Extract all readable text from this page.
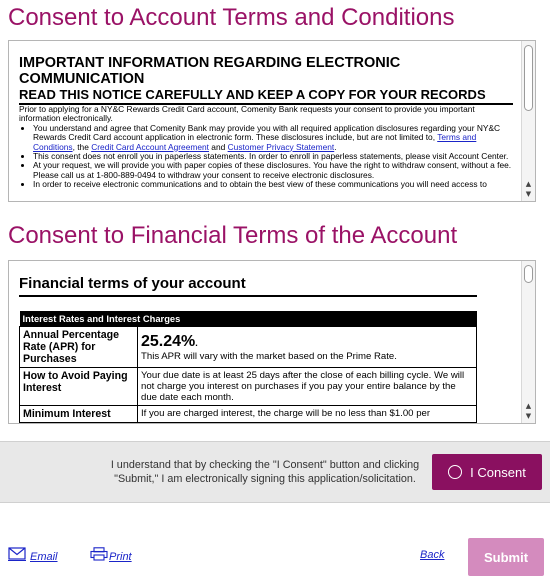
Consent to Account Terms and Conditions
IMPORTANT INFORMATION REGARDING ELECTRONIC COMMUNICATION
READ THIS NOTICE CAREFULLY AND KEEP A COPY FOR YOUR RECORDS
Prior to applying for a NY&C Rewards Credit Card account, Comenity Bank requests your consent to provide you important information electronically.
• You understand and agree that Comenity Bank may provide you with all required application disclosures regarding your NY&C Rewards Credit Card account application in electronic form. These disclosures include, but are not limited to, Terms and Conditions, the Credit Card Account Agreement and Customer Privacy Statement.
• This consent does not enroll you in paperless statements. In order to enroll in paperless statements, please visit Account Center.
• At your request, we will provide you with paper copies of these disclosures. You have the right to withdraw consent, without a fee. Please call us at 1-800-889-0494 to withdraw your consent to receive electronic disclosures.
• In order to receive electronic communications and to obtain the best view of these communications you will need access to	▲
▼
Consent to Financial Terms of the Account
Financial terms of your account
Interest Rates and Interest Charges	
Annual Percentage Rate (APR) for Purchases	25.24%.
This APR will vary with the market based on the Prime Rate.
How to Avoid Paying Interest	Your due date is at least 25 days after the close of each billing cycle. We will not charge you interest on purchases if you pay your entire balance by the due date each month.
Minimum Interest	If you are charged interest, the charge will be no less than $1.00 per
▲
▼
I understand that by checking the "I Consent" button and clicking "Submit," I am electronically signing this application/solicitation.	I Consent
Email	Print	Back	Submit
